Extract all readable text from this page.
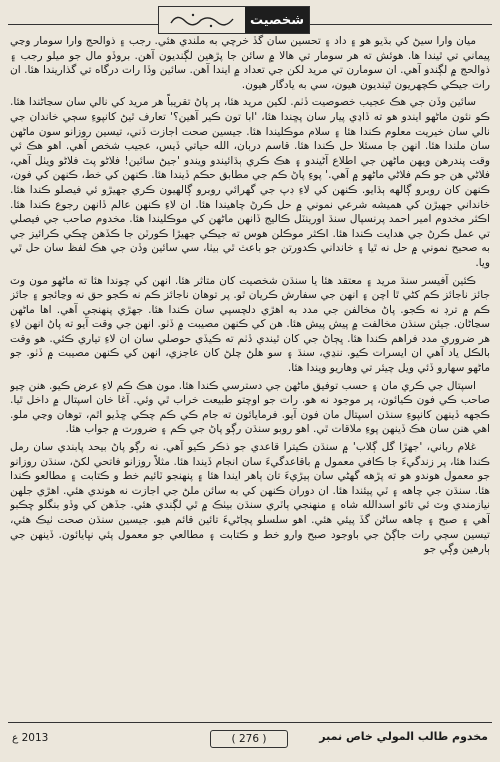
شخصيت

ميان وارا سيڻ کي بڌيو هو ۽ داد ۽ تحسين سان گڏ خرچي به ملندي هئي. رجب ۽ ذوالحج وارا سومار وڃي پيماني تي ٿيندا ها. هوئش ته هر سومار تي هالا ۾ سائن جا پڙهين لڳنديون آهن. بروڏو مال جو ميلو رجب ۽ ذوالحج ۾ لڳندو آهي. ان سومارن تي مريد لکن جي تعداد ۾ ايندا آهن. سائين وڏا رات درگاه تي گذاريندا هئا. ان رات جيڪي ڪچهريون ٿينديون هيون، سي به يادگار هيون.

سائين وڏن جي هڪ عجيب خصوصيت ڏٺم. لکين مريد هئا، پر پاڻ تقريباً هر مريد کي نالي سان سڃاڻندا هئا. ڪو نئون ماڻهو ايندو هو ته ڏاڍي پيار سان پڇندا هئا، 'ابا تون ڪير آهين؟' تعارف ٿيڻ کانپوءِ سڄي خاندان جي نالي سان خيريت معلوم ڪندا هئا ۽ سلام موڪليندا هئا. جيسين صحت اجازت ڏني، تيسين روزانو سون ماڻهن سان ملندا هئا. انهن جا مسئلا حل ڪندا هئا. قاسم دربان، الله حياتي ڏيس، عجيب شخص آهي. اهو هڪ ئي وقت پندرهن ويهن ماڻهن جي اطلاع آڻيندو ۽ هڪ ڪري ٻڌائيندو ويندو 'جيڻ سائين! فلاڻو پٽ فلاڻو ويٺل آهي، فلاڻي هن جو ڪم فلاڻي ماڻهو ۾ آهي.' پوءِ پاڻ ڪم جي مطابق حڪم ڏيندا هئا. ڪنهن کي خط، ڪنهن کي فون، ڪنهن کان روبرو ڳالهه ٻڌايو. ڪنهن کي لاءِ ڊپ جي گهرائي روبرو ڳالهيون ڪري جهيڙو ئي فيصلو ڪندا هئا. خانداني جهيڙن کي هميشه شرعي نموني ۾ حل ڪرڻ چاهيندا هئا. ان لاءِ ڪنهن عالم ڏانهن رجوع ڪندا هئا. اڪثر مخدوم امير احمد پرنسپال سنڌ اورينٽل ڪاليج ڏانهن ماڻهن کي موڪليندا هئا. مخدوم صاحب جي فيصلي تي عمل ڪرڻ جي هدايت ڪندا هئا. اڪثر موڪلن هوس ته جيڪي جهيڙا ڪورٽن جا ڪڏهن ڇڪي ڪرائيز جي به صحيح نموني ۾ حل نه ٿيا ۽ خانداني ڪدورتن جو باعث ٿي بيٺا، سي سائين وڏن جي هڪ لفظ سان حل ٿي ويا.

ڪئين آفيسر سنڌ مريد ۽ معتقد هئا يا سنڌن شخصيت کان متاثر هئا. انهن کي چوندا هئا ته ماڻهو مون وٽ جائز ناجائز ڪم کڻي ٿا اچن ۽ انهن جي سفارش ڪريان ٿو. پر توهان ناجائز ڪم نه ڪجو حق نه وڃائجو ۽ جائز ڪم ۾ ترڊ نه ڪجو. پاڻ مخالفن جي مدد به اهڙي دلچسپي سان ڪندا هئا. جهڙي پنهنجي آهي. اها ماڻهن سڃاڻان. جيئن سنڌن مخالفت ۾ پيش پيش هئا. هن کي ڪنهن مصيبت ۾ ڏٺو. انهن جي وقت آيو ته پاڻ انهن لاءِ هر ضروري مدد فراهم ڪندا هئا. ڀڄاڻ جي کان ٿيندي ڏٺم ته ڪيڏي حوصلي سان ان لاءِ تياري ڪئي. هو وقت بالڪل ياد آهي ان ايسرات ڪيو. ننڍي، سنڌ ۽ سو هلڻ چلڻ کان عاجزي، انهن کي ڪنهن مصيبت ۾ ڏٺو. جو ماڻهو سهارو ڏئي ويل چيئر تي وهاريو ويندا هئا.

اسپتال جي ڪري مان ۽ حسب توفيق ماڻهن جي دسترسي ڪندا هئا. مون هڪ ڪم لاءِ عرض ڪيو. هنن چيو صاحب ڪي فون ڪيائون، پر موجود نه هو. رات جو اوچتو طبيعت خراب ٿي وئي. آغا خان اسپتال ۾ داخل ٿيا. ڪجهه ڏينهن کانپوءِ سنڌن اسپتال مان فون آيو. فرمايائون ته جام ڪي ڪم چڪي ڇڏيو اٿم، توهان وڃي ملو. اهي هنن سان هڪ ڏينهن پوءِ ملاقات ٿي. اهو روبو سنڌن رڳو پاڻ جي ڪم ۽ ضرورت ۾ جواب هئا.

غلام رباني، 'جهڙا گل ڳلاب' ۾ سنڌن ڪيترا قاعدي جو ذڪر ڪيو آهي. نه رڳو پاڻ بيحد پابندي سان رمل ڪندا هئا، پر زندگيءَ جا ڪافي معمول ۾ باقاعدگيءَ سان انجام ڏيندا هئا. مثلاً روزانو فاتحي لکڻ، سنڌن روزانو جو معمول هوندو هو ته پڙهه گهڻي سان ٻيڙيءَ تان ٻاهر ايندا هئا ۽ پنهنجو ٽائيم خط و ڪتابت ۽ مطالعو ڪندا هئا. سنڌن جي چاهه ۽ ٽي پيئندا هئا. ان دوران ڪنهن کي به سائن ملڻ جي اجازت نه هوندي هئي. اهڙي جلهن نيازمندي وٽ ئي تائو اسدالله شاه ۽ منهنجي ٻاٽري سنڌن بيٺڪ ۾ ٿي لڳندي هئي. جڏهن کي وڏو بنگلو ڇڪبو آهي ۽ صبح ۽ چاهه ساڻن گڏ پيئي هئي. اهو سلسلو پڄاڻيءَ تائين قائم هيو. جيسين سنڌن صحت ٺيڪ هئي، تيسين سڄي رات جاڳڻ جي باوجود صبح وارو خط و ڪتابت ۽ مطالعي جو معمول پئي نڀايائون. ڏينهن جي ٻارهين وڳي جو

2013 ع	( 276 )	مخدوم طالب المولي خاص نمبر
